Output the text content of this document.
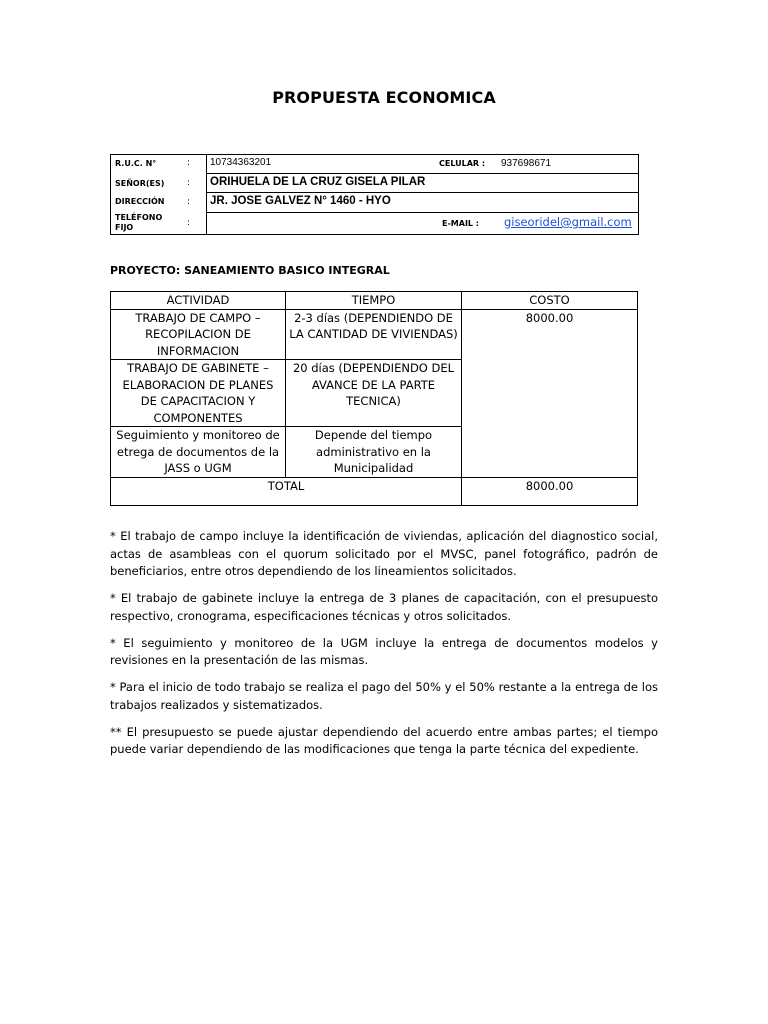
PROPUESTA ECONOMICA
R.U.C. N°	: 10734363201	CELULAR : 937698671
SEÑOR(ES)	: ORIHUELA DE LA CRUZ GISELA PILAR
DIRECCIÓN	: JR. JOSE GALVEZ N° 1460 - HYO
TELÉFONO
FIJO	:	E-MAIL : giseoridel@gmail.com
PROYECTO: SANEAMIENTO BASICO INTEGRAL
ACTIVIDAD	TIEMPO	COSTO
TRABAJO DE CAMPO – RECOPILACION DE INFORMACION	2-3 días (DEPENDIENDO DE LA CANTIDAD DE VIVIENDAS)	8000.00
TRABAJO DE GABINETE – ELABORACION DE PLANES DE CAPACITACION Y COMPONENTES	20 días (DEPENDIENDO DEL AVANCE DE LA PARTE TECNICA)	
Seguimiento y monitoreo de etrega de documentos de la JASS o UGM	Depende del tiempo administrativo en la Municipalidad	
TOTAL		8000.00

* El trabajo de campo incluye la identificación de viviendas, aplicación del diagnostico social, actas de asambleas con el quorum solicitado por el MVSC, panel fotográfico, padrón de beneficiarios, entre otros dependiendo de los lineamientos solicitados.

* El trabajo de gabinete incluye la entrega de 3 planes de capacitación, con el presupuesto respectivo, cronograma, especificaciones técnicas y otros solicitados.

* El seguimiento y monitoreo de la UGM incluye la entrega de documentos modelos y revisiones en la presentación de las mismas.

* Para el inicio de todo trabajo se realiza el pago del 50% y el 50% restante a la entrega de los trabajos realizados y sistematizados.

** El presupuesto se puede ajustar dependiendo del acuerdo entre ambas partes; el tiempo puede variar dependiendo de las modificaciones que tenga la parte técnica del expediente.
